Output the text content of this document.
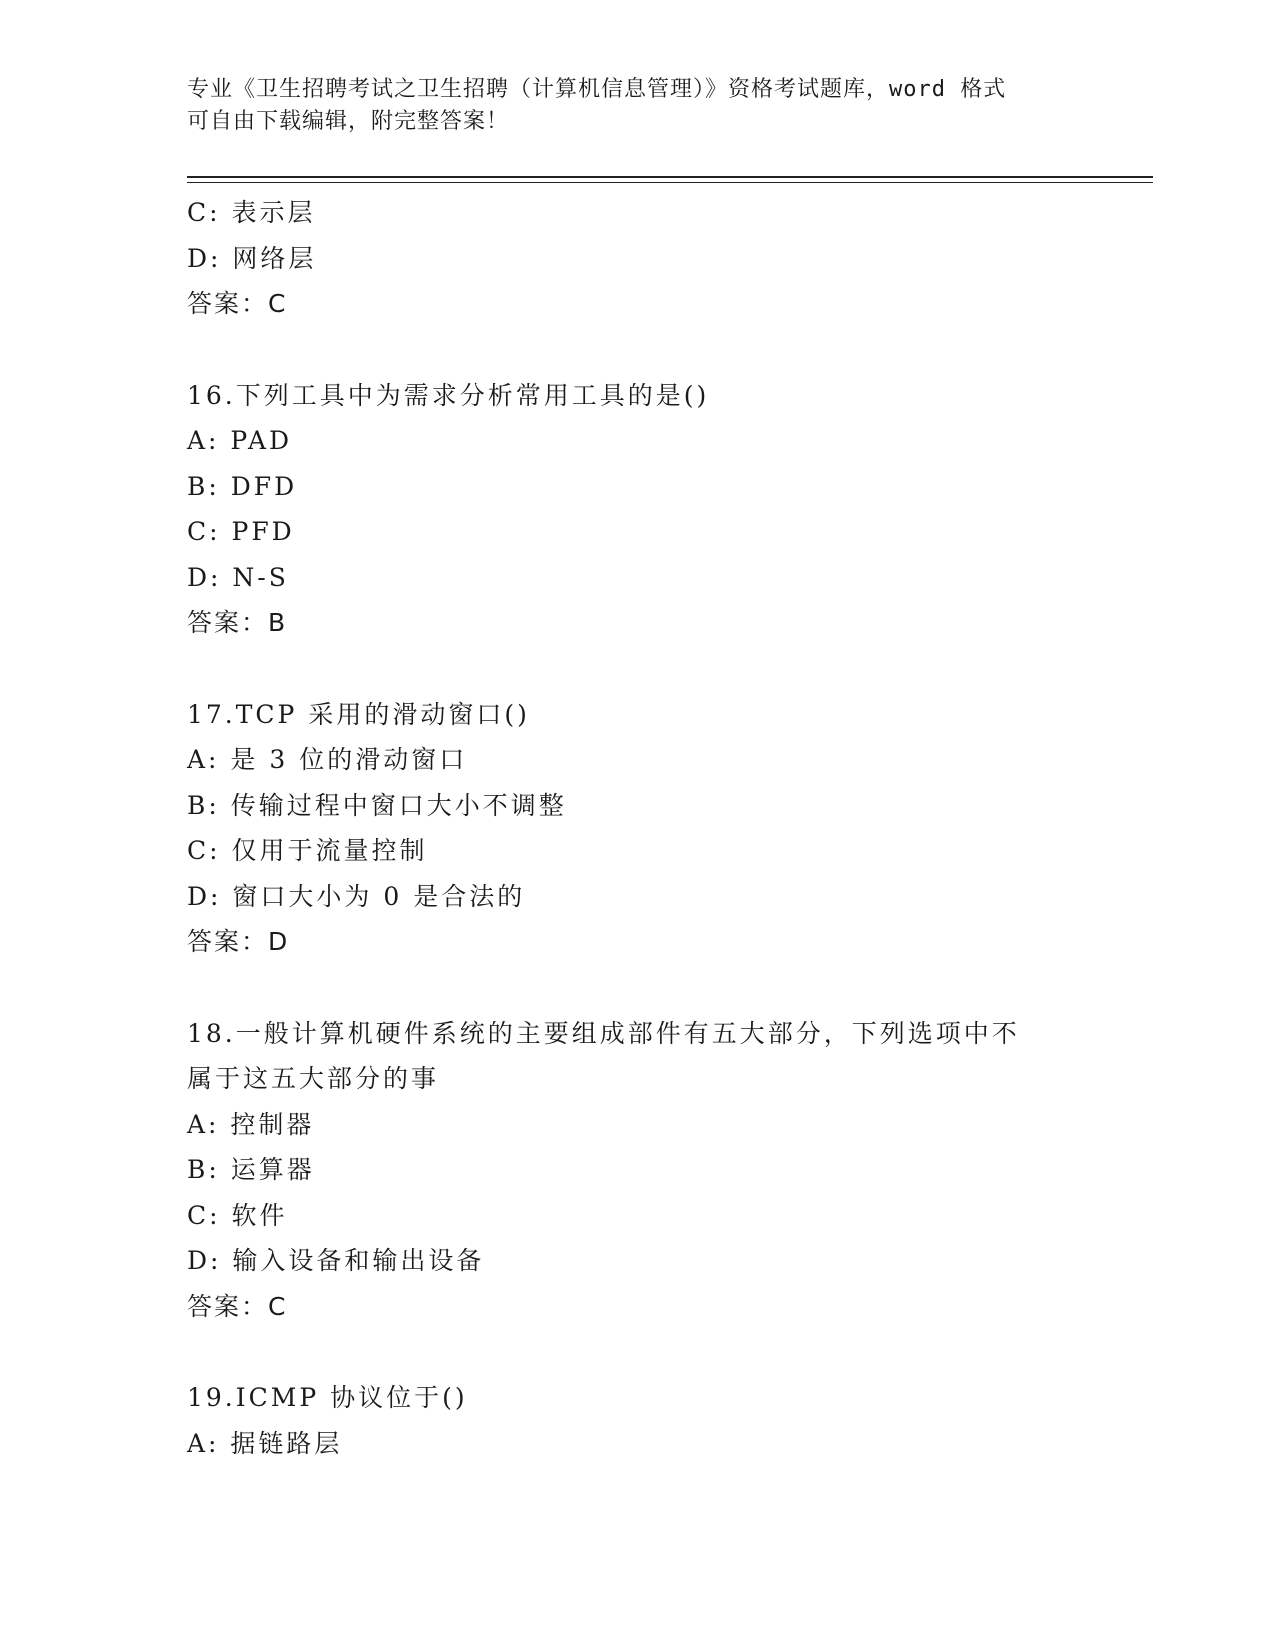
专业《卫生招聘考试之卫生招聘（计算机信息管理）》资格考试题库，word 格式
可自由下载编辑，附完整答案！
C: 表示层
D: 网络层
答案：C
16.下列工具中为需求分析常用工具的是()
A: PAD
B: DFD
C: PFD
D: N-S
答案：B
17.TCP 采用的滑动窗口()
A: 是 3 位的滑动窗口
B: 传输过程中窗口大小不调整
C: 仅用于流量控制
D: 窗口大小为 0 是合法的
答案：D
18.一般计算机硬件系统的主要组成部件有五大部分，下列选项中不属于这五大部分的事
A: 控制器
B: 运算器
C: 软件
D: 输入设备和输出设备
答案：C
19.ICMP 协议位于()
A: 据链路层
